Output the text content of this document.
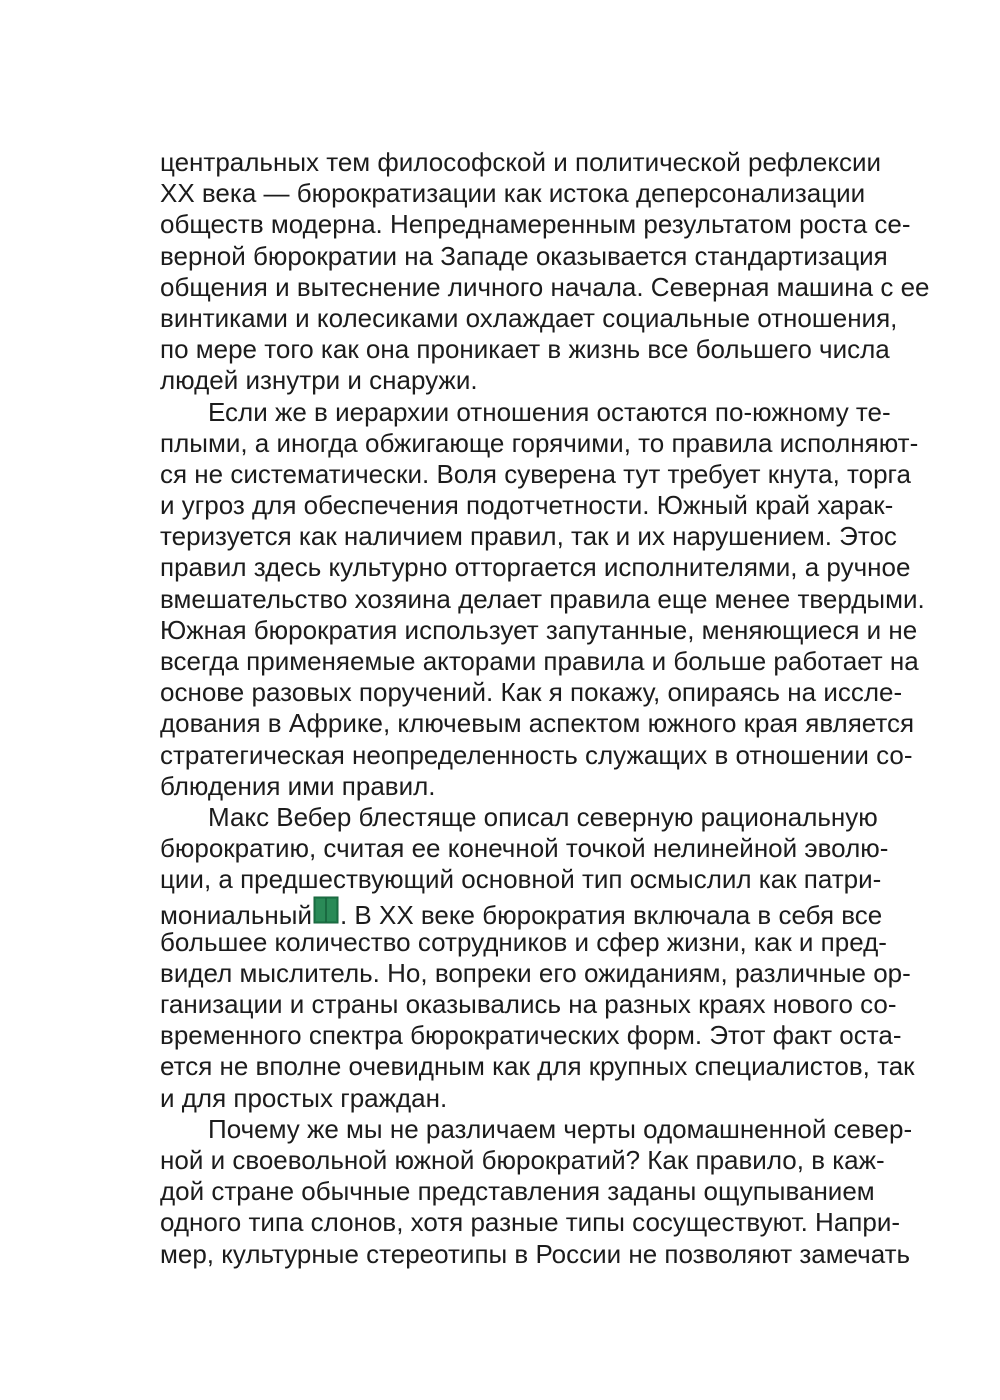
центральных тем философской и политической рефлексии
ХХ века — бюрократизации как истока деперсонализации
обществ модерна. Непреднамеренным результатом роста се-
верной бюрократии на Западе оказывается стандартизация
общения и вытеснение личного начала. Северная машина с ее
винтиками и колесиками охлаждает социальные отношения,
по мере того как она проникает в жизнь все большего числа
людей изнутри и снаружи.
Если же в иерархии отношения остаются по-южному те-
плыми, а иногда обжигающе горячими, то правила исполняют-
ся не систематически. Воля суверена тут требует кнута, торга
и угроз для обеспечения подотчетности. Южный край харак-
теризуется как наличием правил, так и их нарушением. Этос
правил здесь культурно отторгается исполнителями, а ручное
вмешательство хозяина делает правила еще менее твердыми.
Южная бюрократия использует запутанные, меняющиеся и не
всегда применяемые акторами правила и больше работает на
основе разовых поручений. Как я покажу, опираясь на иссле-
дования в Африке, ключевым аспектом южного края является
стратегическая неопределенность служащих в отношении со-
блюдения ими правил.
Макс Вебер блестяще описал северную рациональную
бюрократию, считая ее конечной точкой нелинейной эволю-
ции, а предшествующий основной тип осмыслил как патри-
мониальный . В ХХ веке бюрократия включала в себя все
большее количество сотрудников и сфер жизни, как и пред-
видел мыслитель. Но, вопреки его ожиданиям, различные ор-
ганизации и страны оказывались на разных краях нового со-
временного спектра бюрократических форм. Этот факт оста-
ется не вполне очевидным как для крупных специалистов, так
и для простых граждан.
Почему же мы не различаем черты одомашненной север-
ной и своевольной южной бюрократий? Как правило, в каж-
дой стране обычные представления заданы ощупыванием
одного типа слонов, хотя разные типы сосуществуют. Напри-
мер, культурные стереотипы в России не позволяют замечать
